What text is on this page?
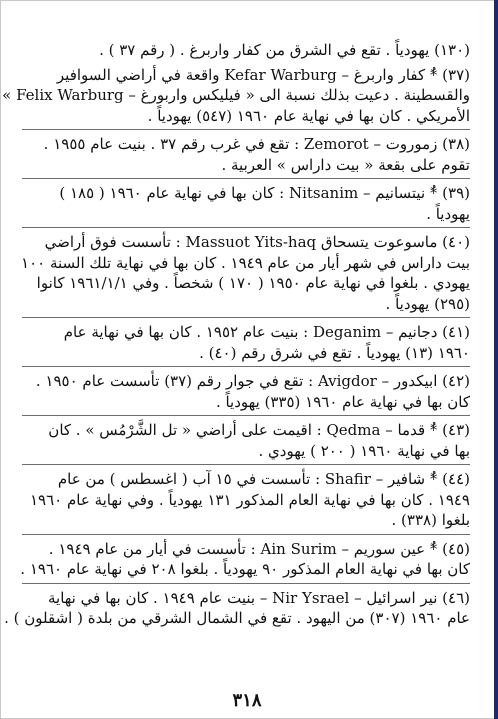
(١٣٠) يهودياً . تقع في الشرق من كفار واربرغ . ( رقم ٣٧ ) .
(٣٧) *ٌ كفار واربرغ – Kefar Warburg واقعة في أراضي السوافير
والقسطينة . دعيت بذلك نسبة الى « فيليكس واربورغ – Felix Warburg »
الأمريكي . كان بها في نهاية عام ١٩٦٠ (٥٤٧) يهودياً .
(٣٨) زموروت – Zemorot : تقع في غرب رقم ٣٧ . بنيت عام ١٩٥٥ .
تقوم على بقعة « بيت داراس » العربية .
(٣٩) *ٌ نيتسانيم – Nitsanim : كان بها في نهاية عام ١٩٦٠ ( ١٨٥ )
يهودياً .
(٤٠) ماسوعوت يتسحاق Massuot Yits-haq : تأسست فوق أراضي
بيت داراس في شهر أيار من عام ١٩٤٩ . كان بها في نهاية تلك السنة ١٠٠
يهودي . بلغوا في نهاية عام ١٩٥٠ ( ١٧٠ ) شخصاً . وفي ١٩٦١/١/١ كانوا
(٢٩٥) يهودياً .
(٤١) دجانيم – Deganim : بنيت عام ١٩٥٢ . كان بها في نهاية عام
١٩٦٠ (١٣) يهودياً . تقع في شرق رقم (٤٠) .
(٤٢) ابيكدور – Avigdor : تقع في جوار رقم (٣٧) تأسست عام ١٩٥٠ .
كان بها في نهاية عام ١٩٦٠ (٣٣٥) يهودياً .
(٤٣) *ٌ قدما – Qedma : اقيمت على أراضي « تل الشَّرْمُس » . كان
بها في نهاية ١٩٦٠ ( ٢٠٠ ) يهودي .
(٤٤) *ٌ شافير – Shafir : تأسست في ١٥ آب ( اغسطس ) من عام
١٩٤٩ . كان بها في نهاية العام المذكور ١٣١ يهودياً . وفي نهاية عام ١٩٦٠
بلغوا (٣٣٨) .
(٤٥) *ٌ عين سوريم – Ain Surim : تأسست في أيار من عام ١٩٤٩ .
كان بها في نهاية العام المذكور ٩٠ يهودياً . بلغوا ٢٠٨ في نهاية عام ١٩٦٠ .
(٤٦) نير اسرائيل – Nir Ysrael – بنيت عام ١٩٤٩ . كان بها في نهاية
عام ١٩٦٠ (٣٠٧) من اليهود . تقع في الشمال الشرقي من بلدة ( اشقلون ) .
٣١٨
